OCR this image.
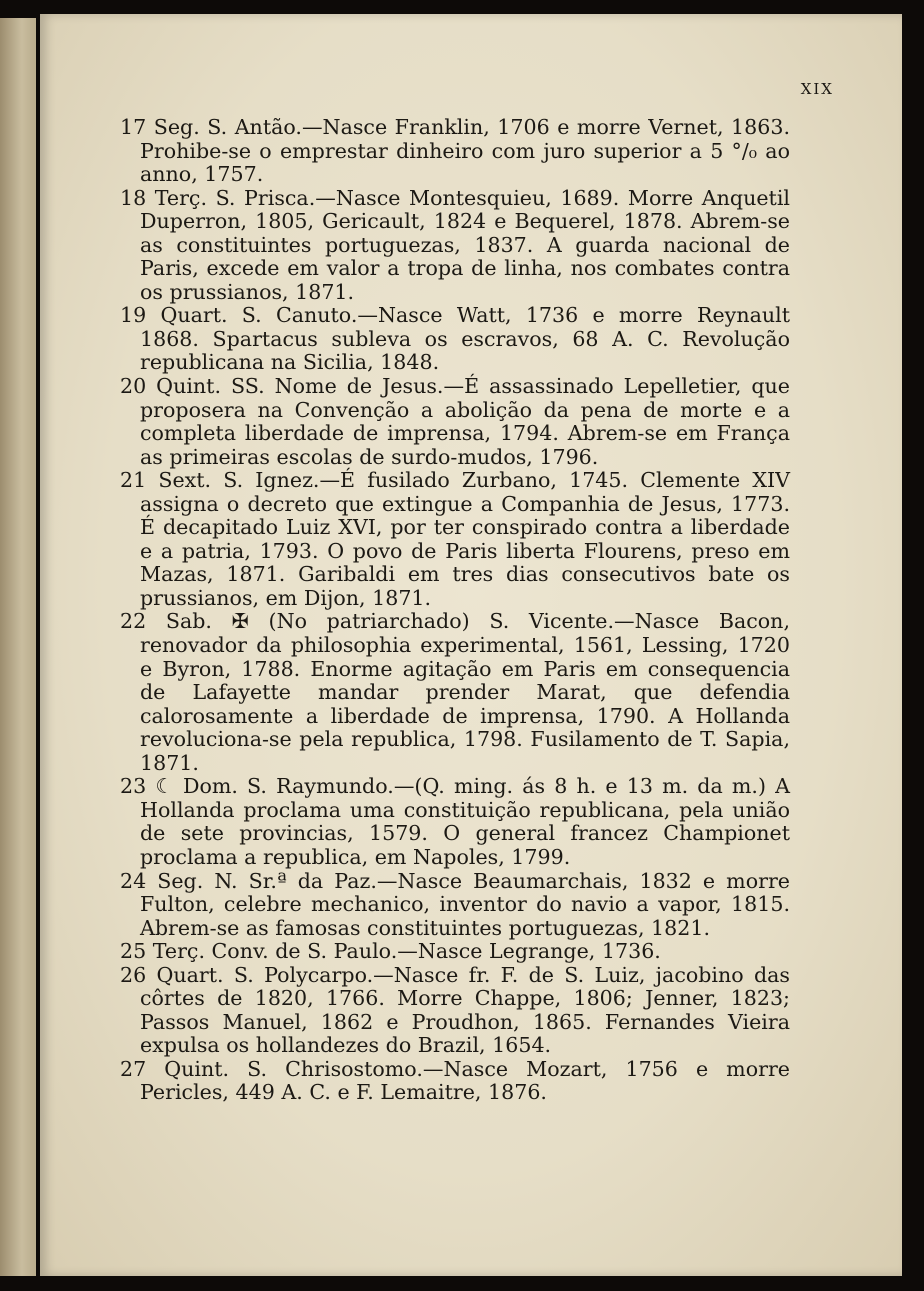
XIX

17 Seg. S. Antão.—Nasce Franklin, 1706 e morre Vernet, 1863. Prohibe-se o emprestar dinheiro com juro superior a 5 °/₀ ao anno, 1757.

18 Terç. S. Prisca.—Nasce Montesquieu, 1689. Morre Anquetil Duperron, 1805, Gericault, 1824 e Bequerel, 1878. Abrem-se as constituintes portuguezas, 1837. A guarda nacional de Paris, excede em valor a tropa de linha, nos combates contra os prussianos, 1871.

19 Quart. S. Canuto.—Nasce Watt, 1736 e morre Reynault 1868. Spartacus subleva os escravos, 68 A. C. Revolução republicana na Sicilia, 1848.

20 Quint. SS. Nome de Jesus.—É assassinado Lepelletier, que proposera na Convenção a abolição da pena de morte e a completa liberdade de imprensa, 1794. Abrem-se em França as primeiras escolas de surdo-mudos, 1796.

21 Sext. S. Ignez.—É fusilado Zurbano, 1745. Clemente XIV assigna o decreto que extingue a Companhia de Jesus, 1773. É decapitado Luiz XVI, por ter conspirado contra a liberdade e a patria, 1793. O povo de Paris liberta Flourens, preso em Mazas, 1871. Garibaldi em tres dias consecutivos bate os prussianos, em Dijon, 1871.

22 Sab. ✠ (No patriarchado) S. Vicente.—Nasce Bacon, renovador da philosophia experimental, 1561, Lessing, 1720 e Byron, 1788. Enorme agitação em Paris em consequencia de Lafayette mandar prender Marat, que defendia calorosamente a liberdade de imprensa, 1790. A Hollanda revoluciona-se pela republica, 1798. Fusilamento de T. Sapia, 1871.

23 ☾ Dom. S. Raymundo.—(Q. ming. ás 8 h. e 13 m. da m.) A Hollanda proclama uma constituição republicana, pela união de sete provincias, 1579. O general francez Championet proclama a republica, em Napoles, 1799.

24 Seg. N. Sr.ª da Paz.—Nasce Beaumarchais, 1832 e morre Fulton, celebre mechanico, inventor do navio a vapor, 1815. Abrem-se as famosas constituintes portuguezas, 1821.

25 Terç. Conv. de S. Paulo.—Nasce Legrange, 1736.

26 Quart. S. Polycarpo.—Nasce fr. F. de S. Luiz, jacobino das côrtes de 1820, 1766. Morre Chappe, 1806; Jenner, 1823; Passos Manuel, 1862 e Proudhon, 1865. Fernandes Vieira expulsa os hollandezes do Brazil, 1654.

27 Quint. S. Chrisostomo.—Nasce Mozart, 1756 e morre Pericles, 449 A. C. e F. Lemaitre, 1876.
